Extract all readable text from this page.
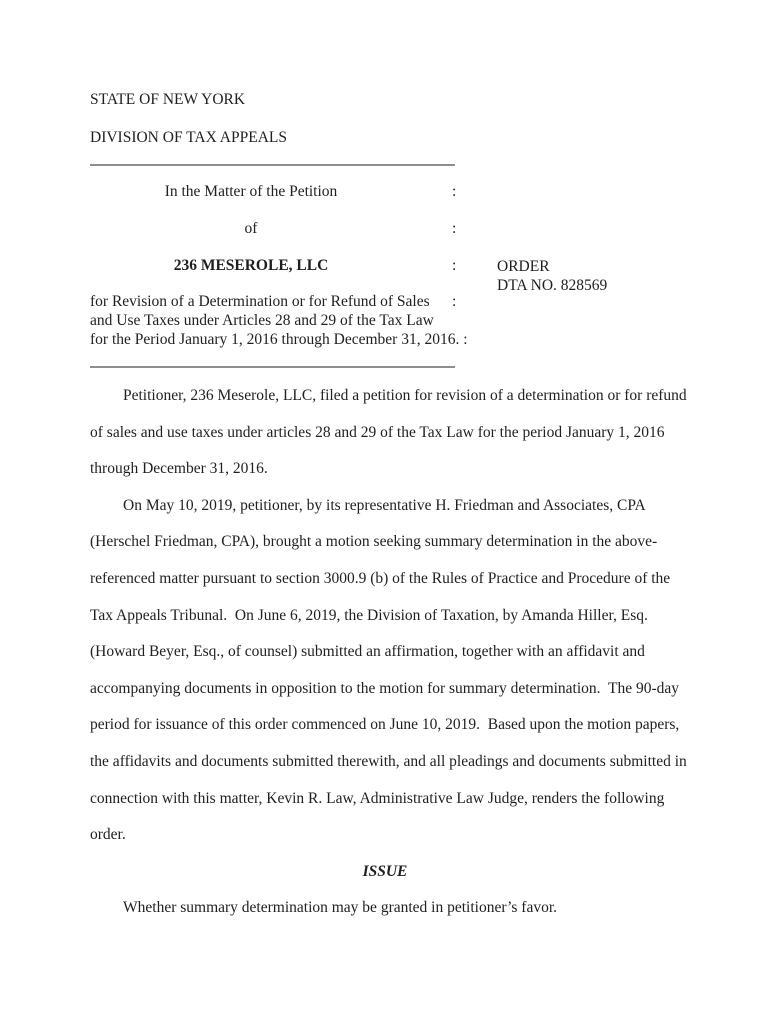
STATE OF NEW YORK
DIVISION OF TAX APPEALS
In the Matter of the Petition
of
236 MESEROLE, LLC
:
:
:
:
ORDER
DTA NO. 828569
for Revision of a Determination or for Refund of Sales
and Use Taxes under Articles 28 and 29 of the Tax Law
for the Period January 1, 2016 through December 31, 2016. :
Petitioner, 236 Meserole, LLC, filed a petition for revision of a determination or for refund
of sales and use taxes under articles 28 and 29 of the Tax Law for the period January 1, 2016
through December 31, 2016.
On May 10, 2019, petitioner, by its representative H. Friedman and Associates, CPA
(Herschel Friedman, CPA), brought a motion seeking summary determination in the above-
referenced matter pursuant to section 3000.9 (b) of the Rules of Practice and Procedure of the
Tax Appeals Tribunal.  On June 6, 2019, the Division of Taxation, by Amanda Hiller, Esq.
(Howard Beyer, Esq., of counsel) submitted an affirmation, together with an affidavit and
accompanying documents in opposition to the motion for summary determination.  The 90-day
period for issuance of this order commenced on June 10, 2019.  Based upon the motion papers,
the affidavits and documents submitted therewith, and all pleadings and documents submitted in
connection with this matter, Kevin R. Law, Administrative Law Judge, renders the following
order.
ISSUE
Whether summary determination may be granted in petitioner’s favor.
